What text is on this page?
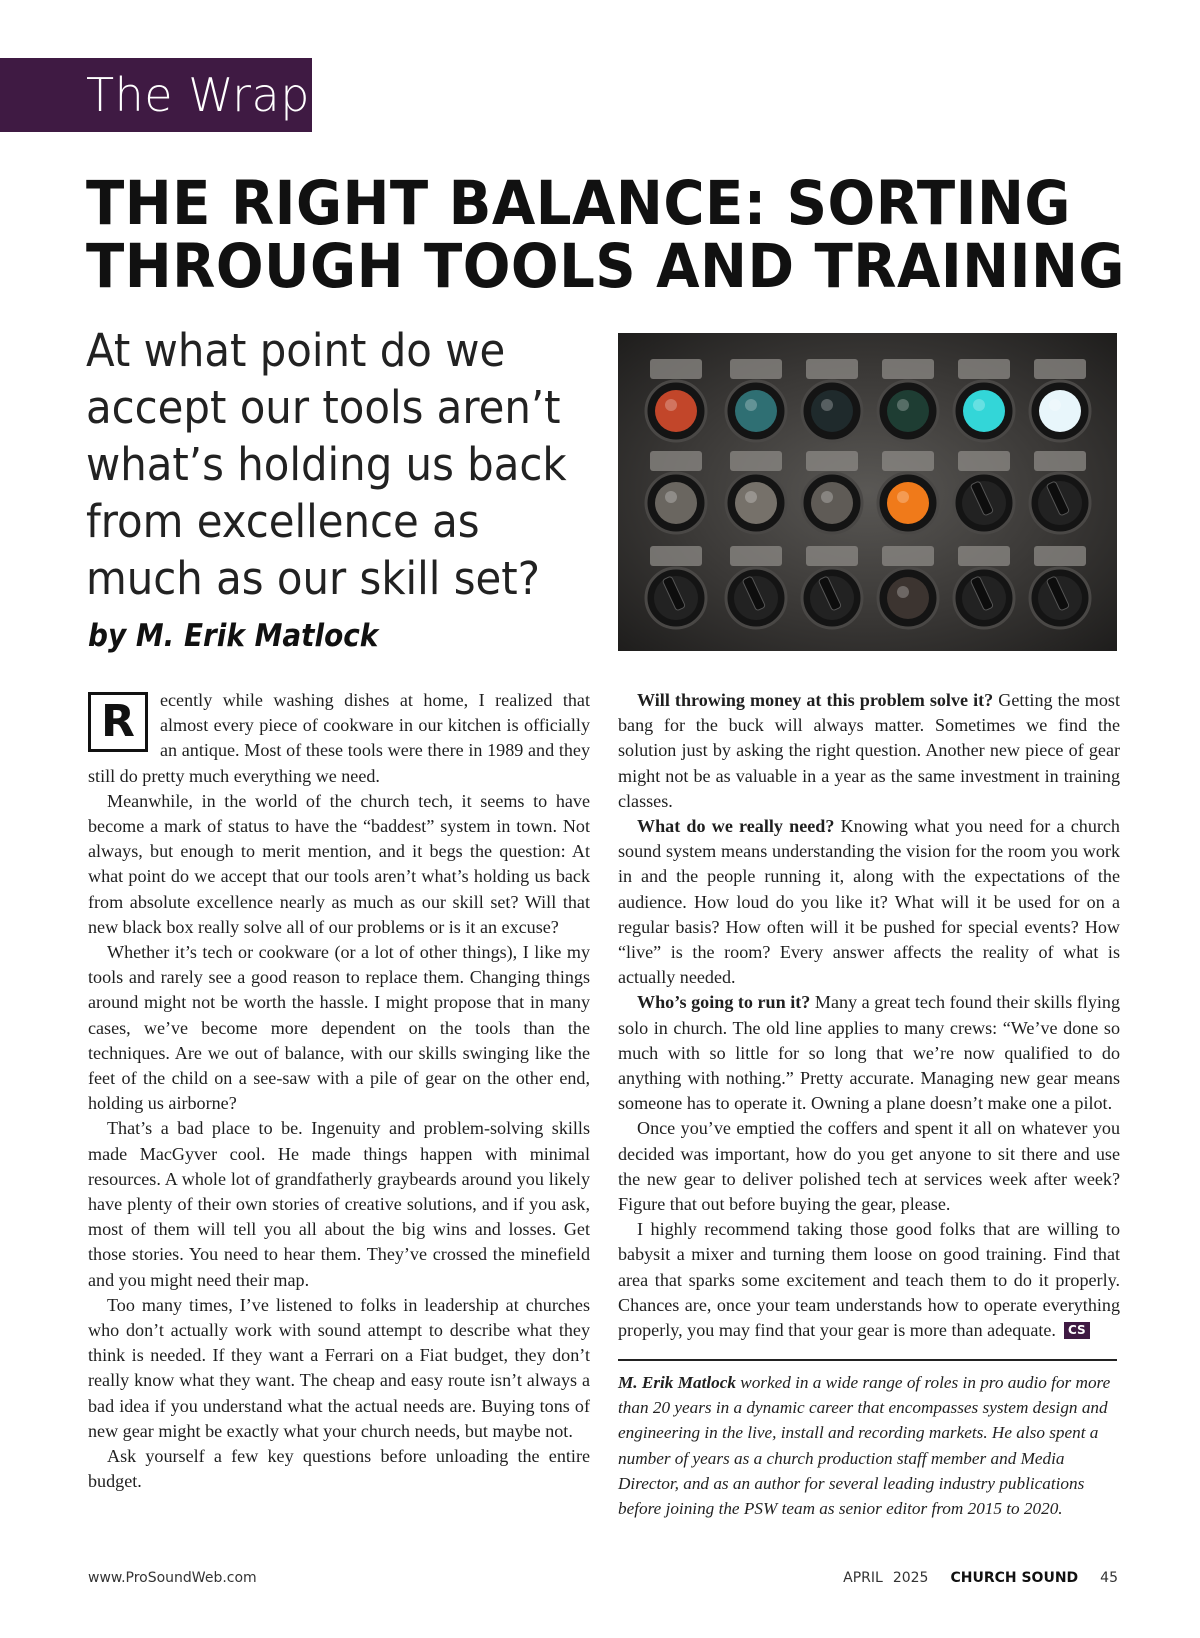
The Wrap
THE RIGHT BALANCE: SORTING
THROUGH TOOLS AND TRAINING
At what point do we accept our tools aren’t what’s holding us back from excellence as much as our skill set?
by M. Erik Matlock

R	ecently while washing dishes at home, I realized that almost every piece of cookware in our kitchen is officially an antique. Most of these tools were there in 1989 and they still do pretty much everything we need.

Meanwhile, in the world of the church tech, it seems to have become a mark of status to have the “baddest” system in town. Not always, but enough to merit mention, and it begs the question: At what point do we accept that our tools aren’t what’s holding us back from absolute excellence nearly as much as our skill set? Will that new black box really solve all of our problems or is it an excuse?

Whether it’s tech or cookware (or a lot of other things), I like my tools and rarely see a good reason to replace them. Changing things around might not be worth the hassle. I might propose that in many cases, we’ve become more dependent on the tools than the techniques. Are we out of balance, with our skills swinging like the feet of the child on a see-saw with a pile of gear on the other end, holding us airborne?

That’s a bad place to be. Ingenuity and problem-solving skills made MacGyver cool. He made things happen with minimal resources. A whole lot of grandfatherly graybeards around you likely have plenty of their own stories of creative solutions, and if you ask, most of them will tell you all about the big wins and losses. Get those stories. You need to hear them. They’ve crossed the minefield and you might need their map.

Too many times, I’ve listened to folks in leadership at churches who don’t actually work with sound attempt to describe what they think is needed. If they want a Ferrari on a Fiat budget, they don’t really know what they want. The cheap and easy route isn’t always a bad idea if you understand what the actual needs are. Buying tons of new gear might be exactly what your church needs, but maybe not.

Ask yourself a few key questions before unloading the entire budget.

Will throwing money at this problem solve it? Getting the most bang for the buck will always matter. Sometimes we find the solution just by asking the right question. Another new piece of gear might not be as valuable in a year as the same investment in training classes.

What do we really need? Knowing what you need for a church sound system means understanding the vision for the room you work in and the people running it, along with the expectations of the audience. How loud do you like it? What will it be used for on a regular basis? How often will it be pushed for special events? How “live” is the room? Every answer affects the reality of what is actually needed.

Who’s going to run it? Many a great tech found their skills flying solo in church. The old line applies to many crews: “We’ve done so much with so little for so long that we’re now qualified to do anything with nothing.” Pretty accurate. Managing new gear means someone has to operate it. Owning a plane doesn’t make one a pilot.

Once you’ve emptied the coffers and spent it all on whatever you decided was important, how do you get anyone to sit there and use the new gear to deliver polished tech at services week after week? Figure that out before buying the gear, please.

I highly recommend taking those good folks that are willing to babysit a mixer and turning them loose on good training. Find that area that sparks some excitement and teach them to do it properly. Chances are, once your team understands how to operate everything properly, you may find that your gear is more than adequate. CS

M. Erik Matlock worked in a wide range of roles in pro audio for more than 20 years in a dynamic career that encompasses system design and engineering in the live, install and recording markets. He also spent a number of years as a church production staff member and Media Director, and as an author for several leading industry publications before joining the PSW team as senior editor from 2015 to 2020.
www.ProSoundWeb.com	APRIL 2025 CHURCH SOUND 45
